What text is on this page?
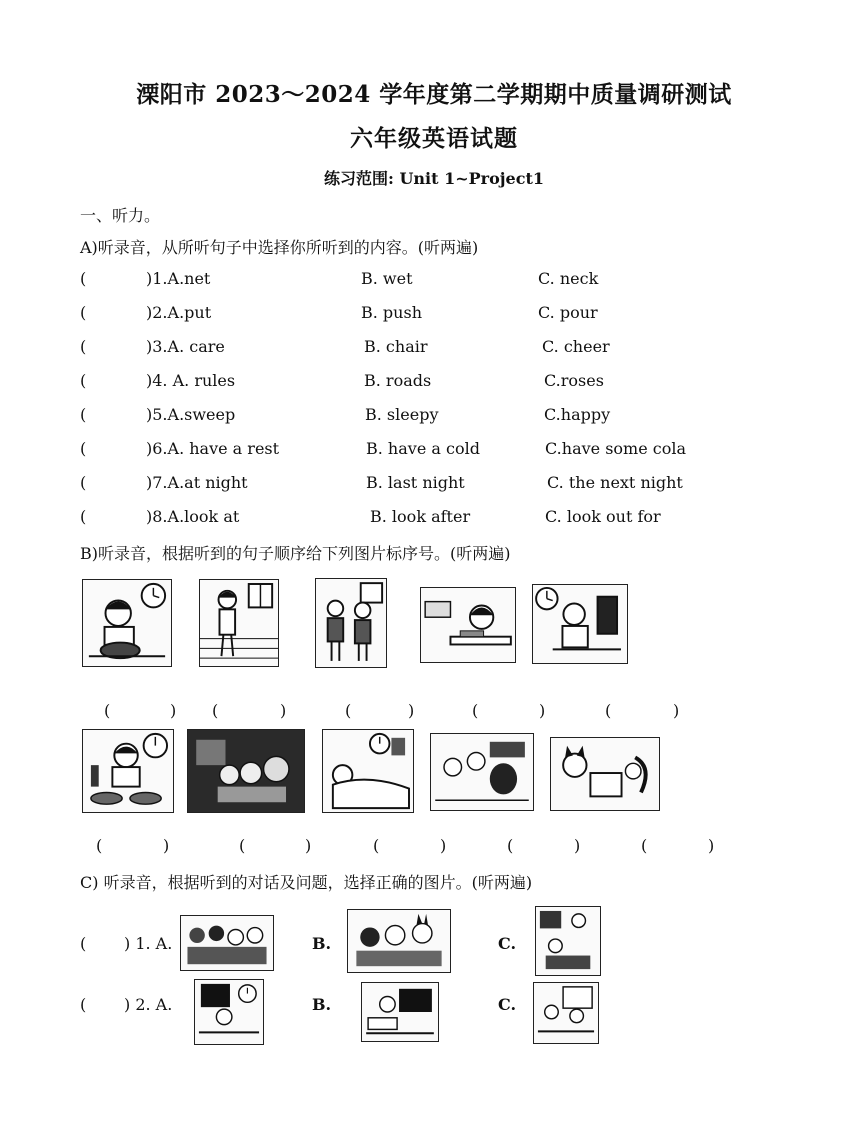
溧阳市 2023～2024 学年度第二学期期中质量调研测试
六年级英语试题
练习范围: Unit 1~Project1
一、听力。
A)听录音，从所听句子中选择你所听到的内容。(听两遍)
(	)1.A.net	B. wet	C. neck
(	)2.A.put	B. push	C. pour
(	)3.A. care	B. chair	C. cheer
(	)4. A. rules	B. roads	C.roses
(	)5.A.sweep	B. sleepy	C.happy
(	)6.A. have a rest	B. have a cold	C.have some cola
(	)7.A.at night	B. last night	C. the next night
(	)8.A.look at	B. look after	C. look out for
B)听录音，根据听到的句子顺序给下列图片标序号。(听两遍)
(	) (	)	(	)	(	)	(	)
(	)	(	)	(	)	(	)	(	)
C) 听录音，根据听到的对话及问题，选择正确的图片。(听两遍)
( ) 1. A.	B.	C.
( ) 2. A.	B.	C.
